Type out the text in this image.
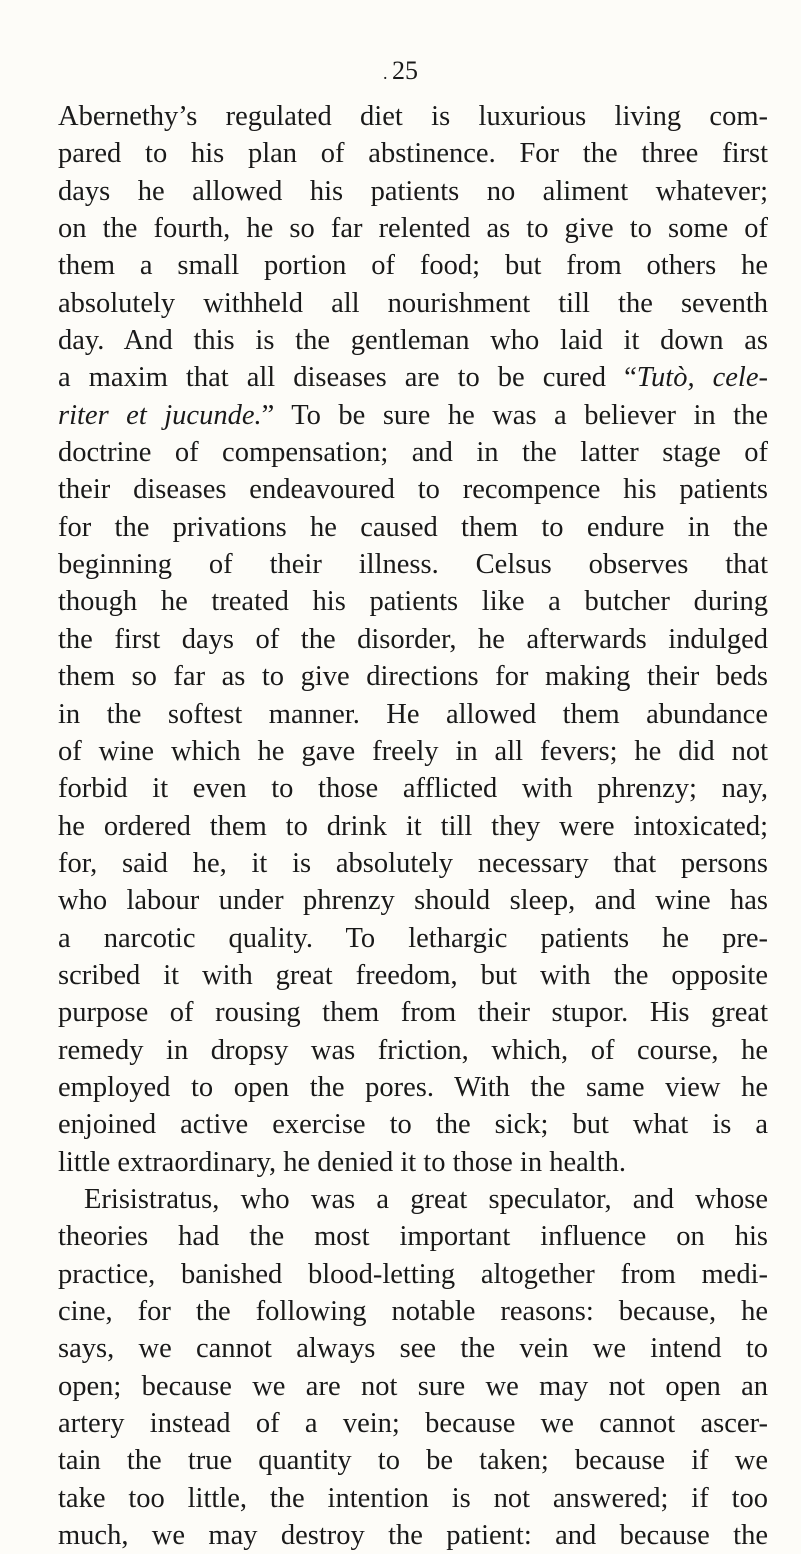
. 25
Abernethy’s regulated diet is luxurious living com-
pared to his plan of abstinence. For the three first
days he allowed his patients no aliment whatever;
on the fourth, he so far relented as to give to some of
them a small portion of food; but from others he
absolutely withheld all nourishment till the seventh
day. And this is the gentleman who laid it down as
a maxim that all diseases are to be cured “Tutò, cele-
riter et jucunde.” To be sure he was a believer in the
doctrine of compensation; and in the latter stage of
their diseases endeavoured to recompence his patients
for the privations he caused them to endure in the
beginning of their illness. Celsus observes that
though he treated his patients like a butcher during
the first days of the disorder, he afterwards indulged
them so far as to give directions for making their beds
in the softest manner. He allowed them abundance
of wine which he gave freely in all fevers; he did not
forbid it even to those afflicted with phrenzy; nay,
he ordered them to drink it till they were intoxicated;
for, said he, it is absolutely necessary that persons
who labour under phrenzy should sleep, and wine has
a narcotic quality. To lethargic patients he pre-
scribed it with great freedom, but with the opposite
purpose of rousing them from their stupor. His great
remedy in dropsy was friction, which, of course, he
employed to open the pores. With the same view he
enjoined active exercise to the sick; but what is a
little extraordinary, he denied it to those in health.
Erisistratus, who was a great speculator, and whose
theories had the most important influence on his
practice, banished blood-letting altogether from medi-
cine, for the following notable reasons: because, he
says, we cannot always see the vein we intend to
open; because we are not sure we may not open an
artery instead of a vein; because we cannot ascer-
tain the true quantity to be taken; because if we
take too little, the intention is not answered; if too
much, we may destroy the patient: and because the
